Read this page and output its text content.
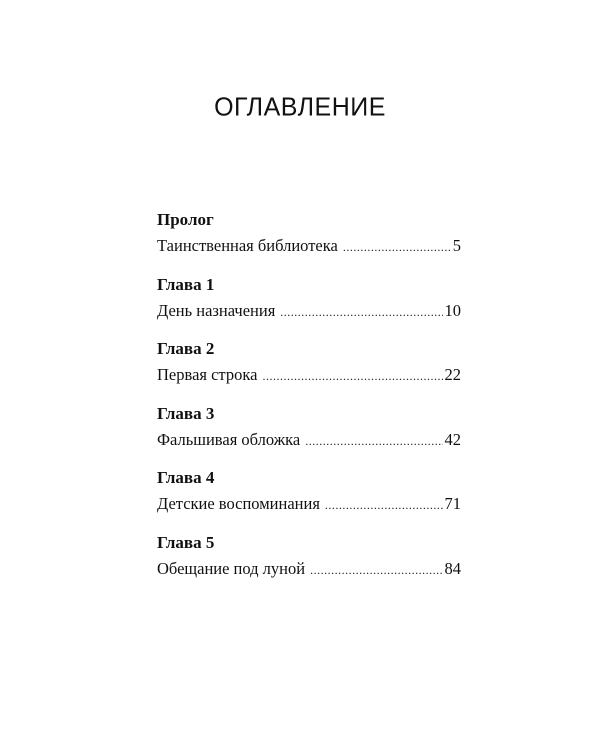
ОГЛАВЛЕНИЕ
Пролог
Таинственная библиотека .....	5
Глава 1
День назначения .....	10
Глава 2
Первая строка .....	22
Глава 3
Фальшивая обложка .....	42
Глава 4
Детские воспоминания .....	71
Глава 5
Обещание под луной .....	84
